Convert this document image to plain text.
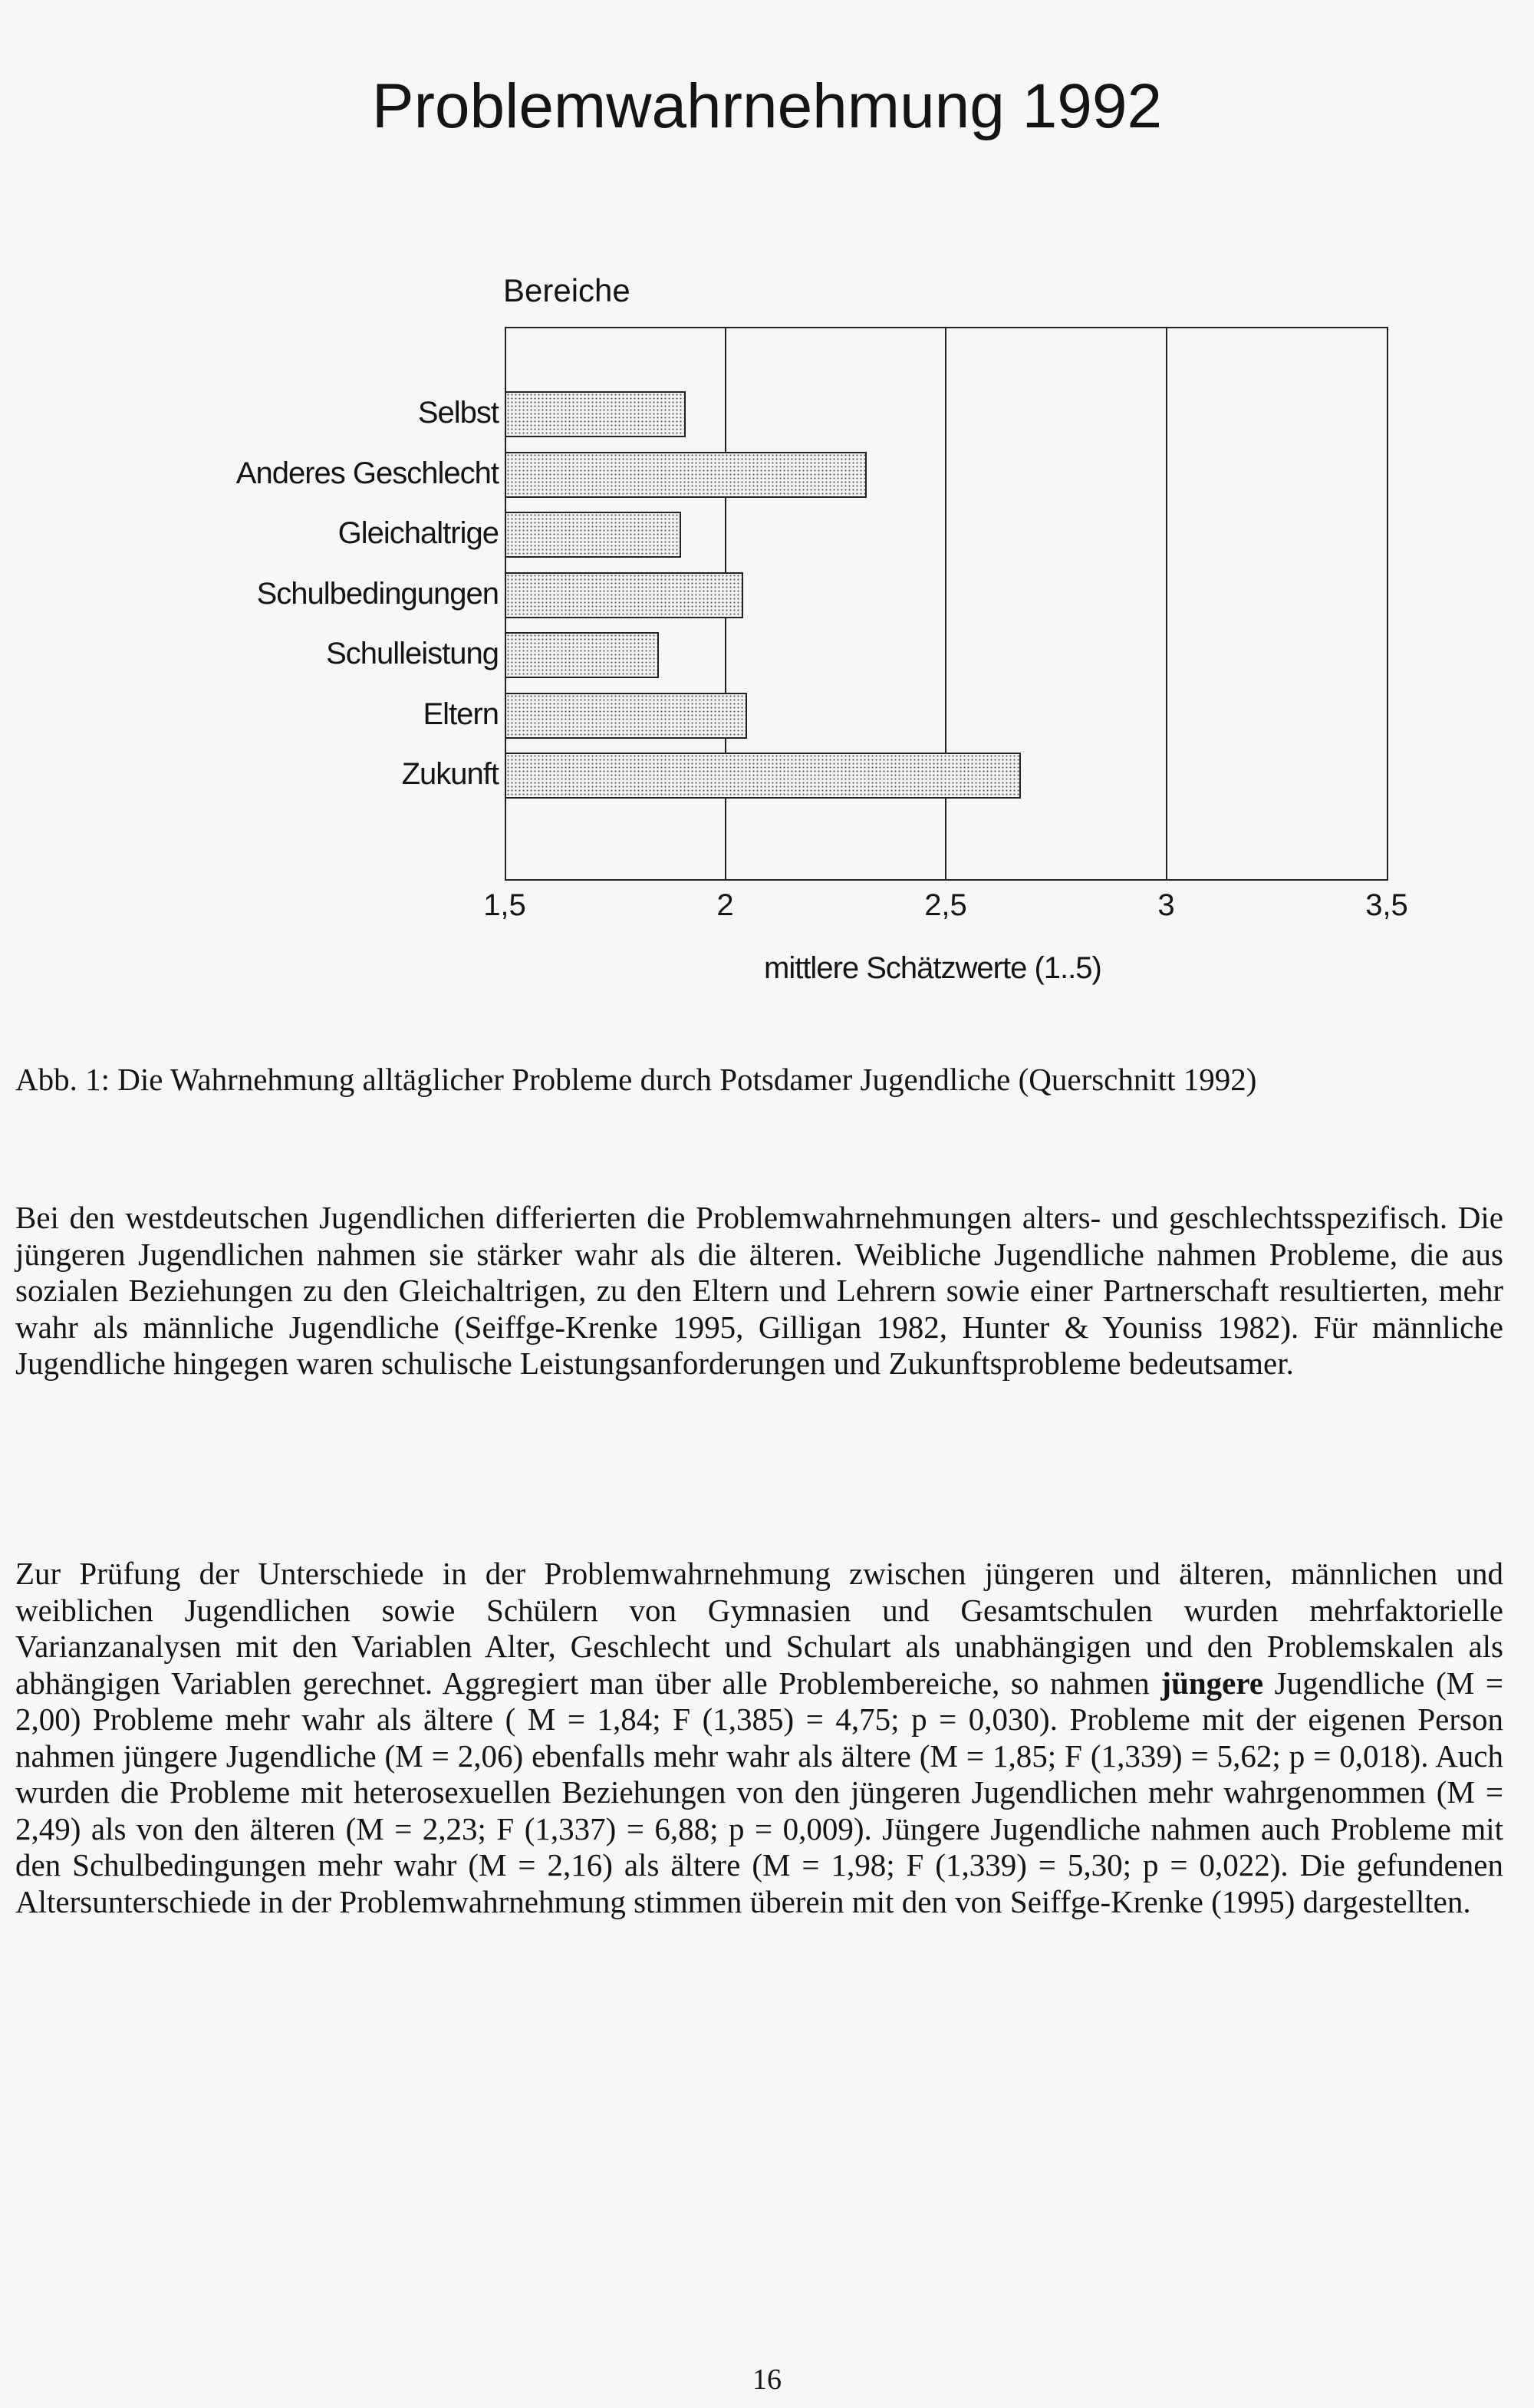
Problemwahrnehmung 1992
Bereiche
Selbst
Anderes Geschlecht
Gleichaltrige
Schulbedingungen
Schulleistung
Eltern
Zukunft
1,5	2	2,5	3	3,5
mittlere Schätzwerte (1..5)

Abb. 1: Die Wahrnehmung alltäglicher Probleme durch Potsdamer Jugendliche (Querschnitt 1992)

Bei den westdeutschen Jugendlichen differierten die Problemwahrnehmungen alters- und geschlechtsspezifisch. Die jüngeren Jugendlichen nahmen sie stärker wahr als die älteren. Weibliche Jugendliche nahmen Probleme, die aus sozialen Beziehungen zu den Gleichaltrigen, zu den Eltern und Lehrern sowie einer Partnerschaft resultierten, mehr wahr als männliche Jugendliche (Seiffge-Krenke 1995, Gilligan 1982, Hunter & Youniss 1982). Für männliche Jugendliche hingegen waren schulische Leistungsanforderungen und Zukunftsprobleme bedeutsamer.

Zur Prüfung der Unterschiede in der Problemwahrnehmung zwischen jüngeren und älteren, männlichen und weiblichen Jugendlichen sowie Schülern von Gymnasien und Gesamtschulen wurden mehrfaktorielle Varianzanalysen mit den Variablen Alter, Geschlecht und Schulart als unabhängigen und den Problemskalen als abhängigen Variablen gerechnet. Aggregiert man über alle Problembereiche, so nahmen jüngere Jugendliche (M = 2,00) Probleme mehr wahr als ältere ( M = 1,84; F (1,385) = 4,75; p = 0,030). Probleme mit der eigenen Person nahmen jüngere Jugendliche (M = 2,06) ebenfalls mehr wahr als ältere (M = 1,85; F (1,339) = 5,62; p = 0,018). Auch wurden die Probleme mit heterosexuellen Beziehungen von den jüngeren Jugendlichen mehr wahrgenommen (M = 2,49) als von den älteren (M = 2,23; F (1,337) = 6,88; p = 0,009). Jüngere Jugendliche nahmen auch Probleme mit den Schulbedingungen mehr wahr (M = 2,16) als ältere (M = 1,98; F (1,339) = 5,30; p = 0,022). Die gefundenen Altersunterschiede in der Problemwahrnehmung stimmen überein mit den von Seiffge-Krenke (1995) dargestellten.

16
